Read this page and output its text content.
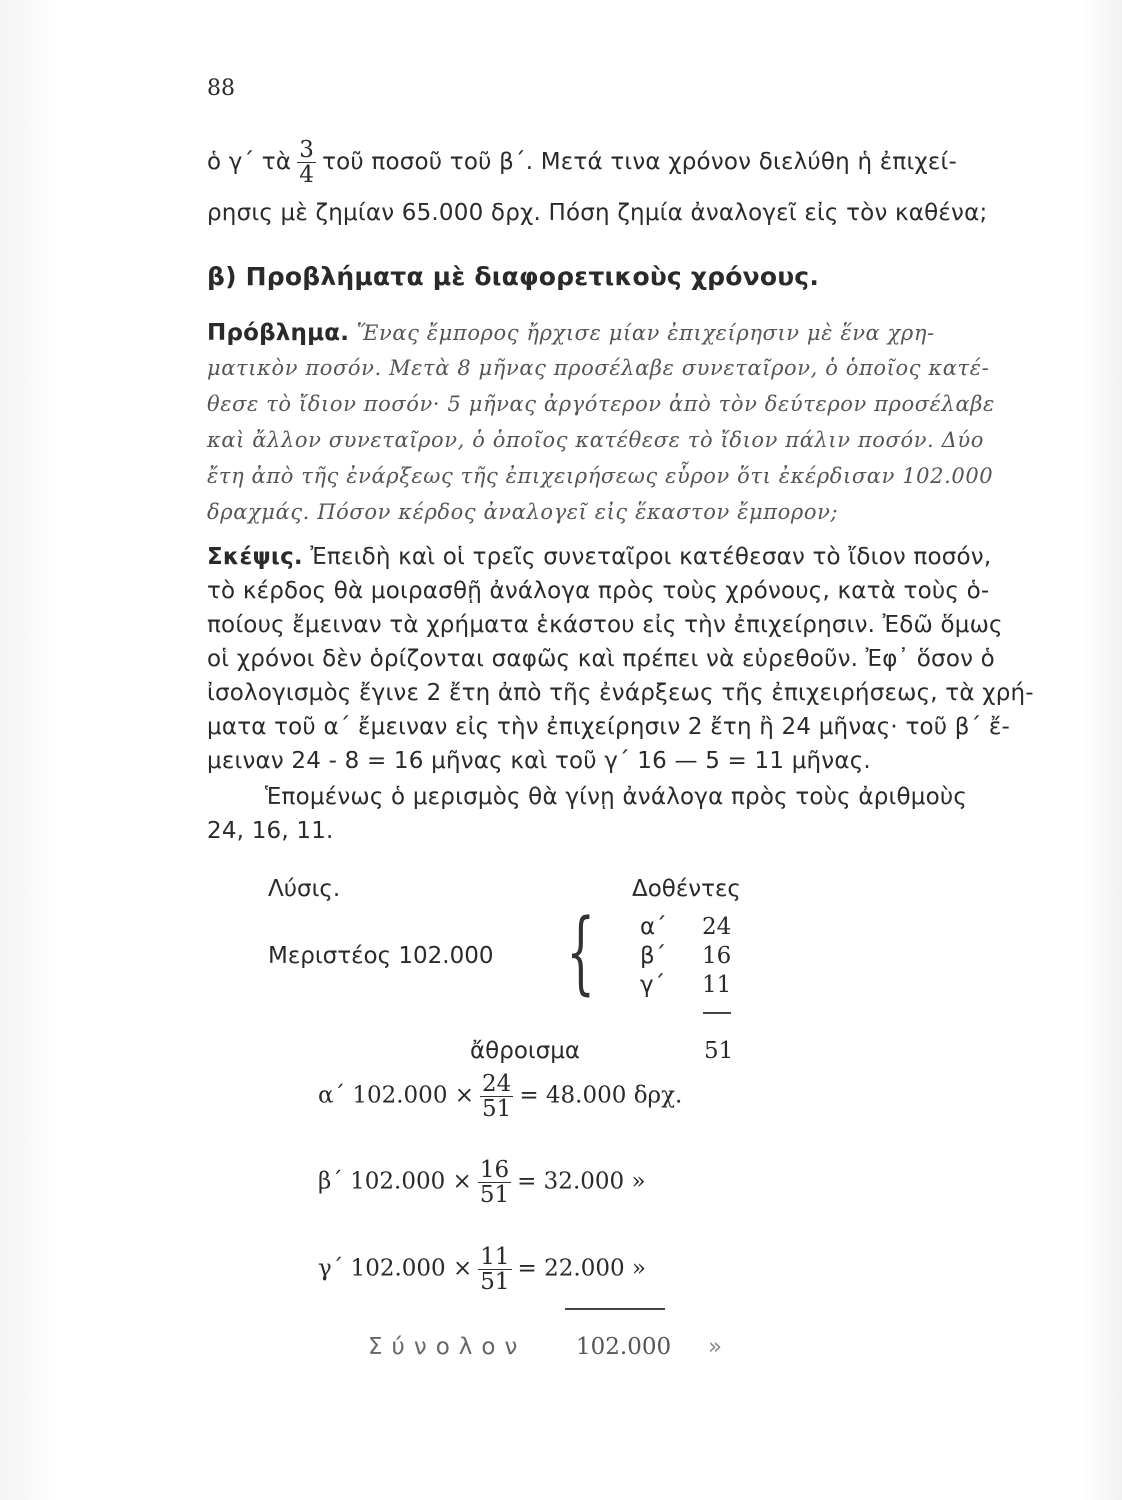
88
ὁ γ΄ τὰ $\frac{3}{4}$ τοῦ ποσοῦ τοῦ β΄. Μετά τινα χρόνον διελύθη ἡ ἐπιχεί-
ρησις μὲ ζημίαν 65.000 δρχ. Πόση ζημία ἀναλογεῖ εἰς τὸν καθένα;
β) Προβλήματα μὲ διαφορετικοὺς χρόνους.
Πρόβλημα. Ἕνας ἔμπορος ἤρχισε μίαν ἐπιχείρησιν μὲ ἕνα χρη-
ματικὸν ποσόν. Μετὰ 8 μῆνας προσέλαβε συνεταῖρον, ὁ ὁποῖος κατέ-
θεσε τὸ ἴδιον ποσόν· 5 μῆνας ἀργότερον ἀπὸ τὸν δεύτερον προσέλαβε
καὶ ἄλλον συνεταῖρον, ὁ ὁποῖος κατέθεσε τὸ ἴδιον πάλιν ποσόν. Δύο
ἔτη ἀπὸ τῆς ἐνάρξεως τῆς ἐπιχειρήσεως εὗρον ὅτι ἐκέρδισαν 102.000
δραχμάς. Πόσον κέρδος ἀναλογεῖ εἰς ἕκαστον ἔμπορον;
Σκέψις. Ἐπειδὴ καὶ οἱ τρεῖς συνεταῖροι κατέθεσαν τὸ ἴδιον ποσόν,
τὸ κέρδος θὰ μοιρασθῇ ἀνάλογα πρὸς τοὺς χρόνους, κατὰ τοὺς ὁ-
ποίους ἔμειναν τὰ χρήματα ἑκάστου εἰς τὴν ἐπιχείρησιν. Ἐδῶ ὅμως
οἱ χρόνοι δὲν ὁρίζονται σαφῶς καὶ πρέπει νὰ εὑρεθοῦν. Ἐφ᾽ ὅσον ὁ
ἰσολογισμὸς ἔγινε 2 ἔτη ἀπὸ τῆς ἐνάρξεως τῆς ἐπιχειρήσεως, τὰ χρή-
ματα τοῦ α΄ ἔμειναν εἰς τὴν ἐπιχείρησιν 2 ἔτη ἢ 24 μῆνας· τοῦ β΄ ἔ-
μειναν 24 - 8 = 16 μῆνας καὶ τοῦ γ΄ 16 — 5 = 11 μῆνας.
Ἑπομένως ὁ μερισμὸς θὰ γίνῃ ἀνάλογα πρὸς τοὺς ἀριθμοὺς
24, 16, 11.
Λύσις.	Δοθέντες
Μεριστέος 102.000 { α΄ 24
β΄ 16
γ΄ 11
ἄθροισμα	51
α΄ $102.000 \times \frac{24}{51} = 48.000$ δρχ.
β΄ $102.000 \times \frac{16}{51} = 32.000$ »
γ΄ $102.000 \times \frac{11}{51} = 22.000$ »
Σύνολον 102.000 »
